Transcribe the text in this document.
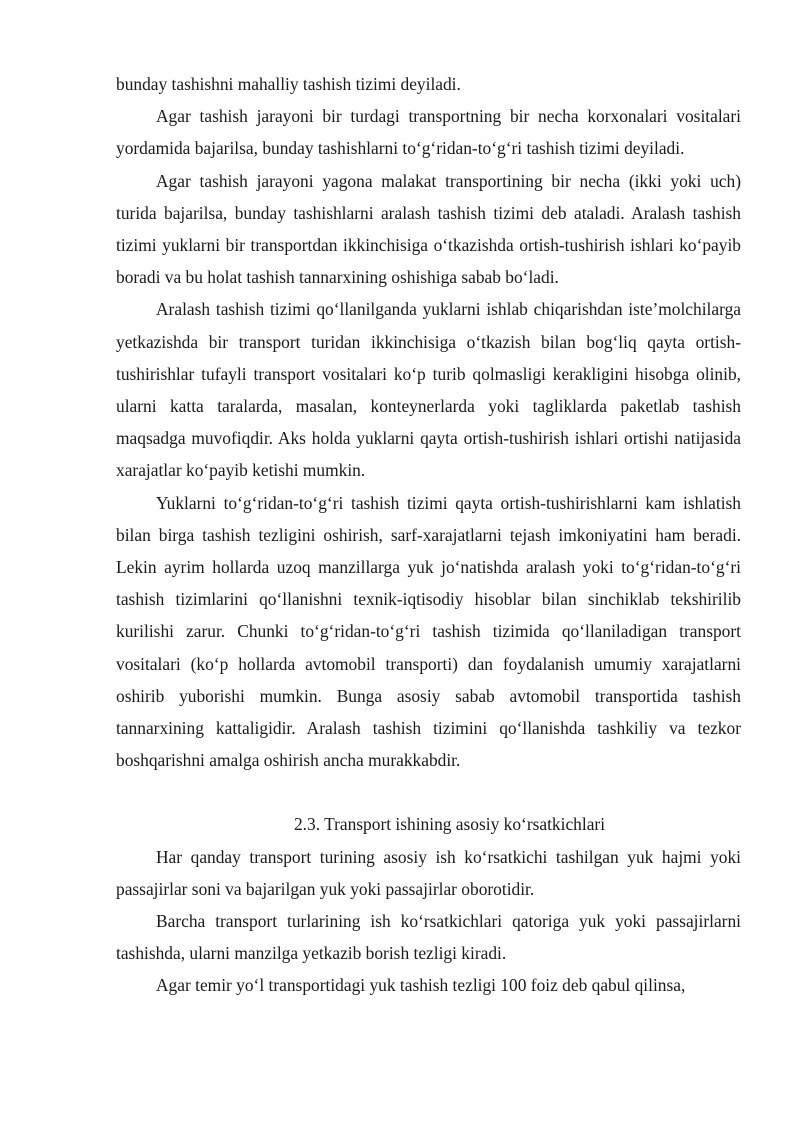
bunday tashishni mahalliy tashish tizimi deyiladi.

Agar tashish jarayoni bir turdagi transportning bir necha korxonalari vositalari yordamida bajarilsa, bunday tashishlarni to‘g‘ridan-to‘g‘ri tashish tizimi deyiladi.

Agar tashish jarayoni yagona malakat transportining bir necha (ikki yoki uch) turida bajarilsa, bunday tashishlarni aralash tashish tizimi deb ataladi. Aralash tashish tizimi yuklarni bir transportdan ikkinchisiga o‘tkazishda ortish-tushirish ishlari ko‘payib boradi va bu holat tashish tannarxining oshishiga sabab bo‘ladi.

Aralash tashish tizimi qo‘llanilganda yuklarni ishlab chiqarishdan iste’molchilarga yetkazishda bir transport turidan ikkinchisiga o‘tkazish bilan bog‘liq qayta ortish-tushirishlar tufayli transport vositalari ko‘p turib qolmasligi kerakligini hisobga olinib, ularni katta taralarda, masalan, konteynerlarda yoki tagliklarda paketlab tashish maqsadga muvofiqdir. Aks holda yuklarni qayta ortish-tushirish ishlari ortishi natijasida xarajatlar ko‘payib ketishi mumkin.

Yuklarni to‘g‘ridan-to‘g‘ri tashish tizimi qayta ortish-tushirishlarni kam ishlatish bilan birga tashish tezligini oshirish, sarf-xarajatlarni tejash imkoniyatini ham beradi. Lekin ayrim hollarda uzoq manzillarga yuk jo‘natishda aralash yoki to‘g‘ridan-to‘g‘ri tashish tizimlarini qo‘llanishni texnik-iqtisodiy hisoblar bilan sinchiklab tekshirilib kurilishi zarur. Chunki to‘g‘ridan-to‘g‘ri tashish tizimida qo‘llaniladigan transport vositalari (ko‘p hollarda avtomobil transporti) dan foydalanish umumiy xarajatlarni oshirib yuborishi mumkin. Bunga asosiy sabab avtomobil transportida tashish tannarxining kattaligidir. Aralash tashish tizimini qo‘llanishda tashkiliy va tezkor boshqarishni amalga oshirish ancha murakkabdir.

2.3. Transport ishining asosiy ko‘rsatkichlari

Har qanday transport turining asosiy ish ko‘rsatkichi tashilgan yuk hajmi yoki passajirlar soni va bajarilgan yuk yoki passajirlar oborotidir.

Barcha transport turlarining ish ko‘rsatkichlari qatoriga yuk yoki passajirlarni tashishda, ularni manzilga yetkazib borish tezligi kiradi.

Agar temir yo‘l transportidagi yuk tashish tezligi 100 foiz deb qabul qilinsa,
